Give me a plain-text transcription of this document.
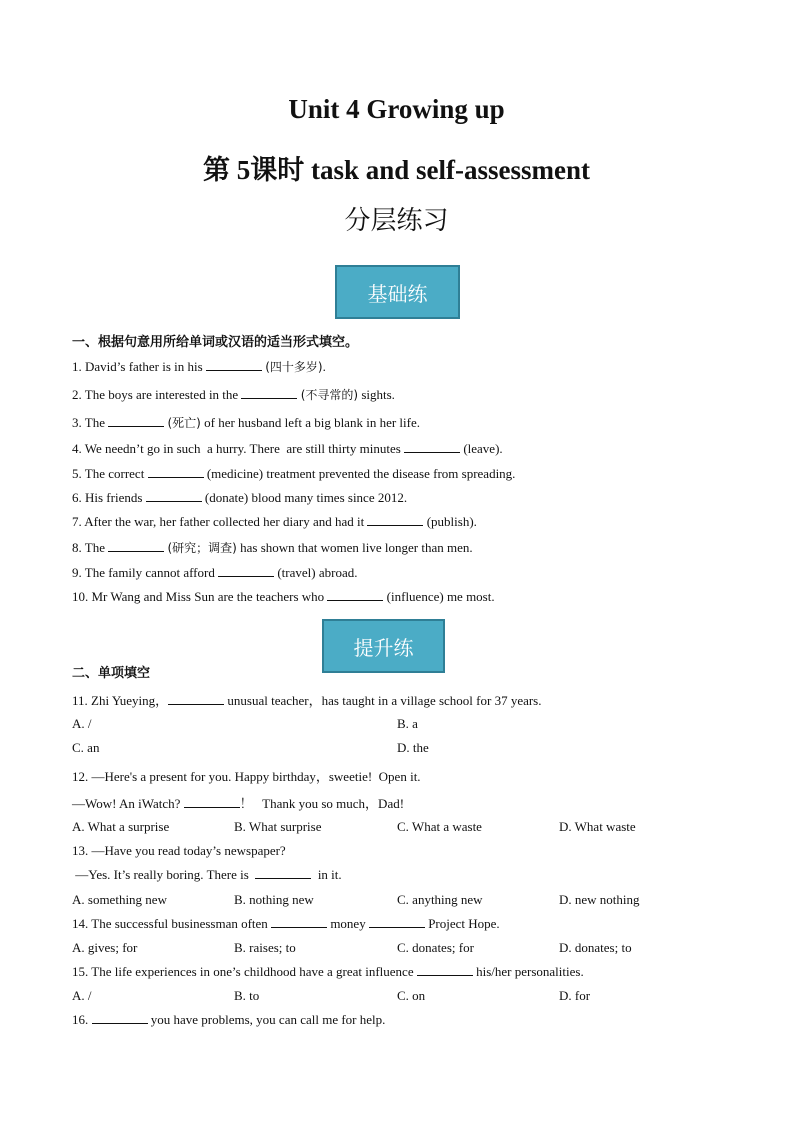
Unit 4 Growing up
第 5课时 task and self-assessment
分层练习
基础练
一、根据句意用所给单词或汉语的适当形式填空。
1. David’s father is in his	(四十多岁).
2. The boys are interested in the	(不寻常的) sights.
3. The	(死亡) of her husband left a big blank in her life.
4. We needn’t go in such  a hurry. There  are still thirty minutes	(leave).
5. The correct	(medicine) treatment prevented the disease from spreading.
6. His friends	(donate) blood many times since 2012.
7. After the war, her father collected her diary and had it	(publish).
8. The	(研究；调查) has shown that women live longer than men.
9. The family cannot afford	(travel) abroad.
10. Mr Wang and Miss Sun are the teachers who	(influence) me most.
提升练
二、单项填空
11. Zhi Yueying，	unusual teacher，has taught in a village school for 37 years.
A. /	B. a
C. an	D. the
12. —Here's a present for you. Happy birthday，sweetie!  Open it.
—Wow! An iWatch?	！   Thank you so much，Dad!
A. What a surprise	B. What surprise	C. What a waste	D. What waste
13. —Have you read today’s newspaper?
—Yes. It’s really boring. There is	in it.
A. something new	B. nothing new	C. anything new	D. new nothing
14. The successful businessman often	money	Project Hope.
A. gives; for	B. raises; to	C. donates; for	D. donates; to
15. The life experiences in one’s childhood have a great influence	his/her personalities.
A. /	B. to	C. on	D. for
16.	you have problems, you can call me for help.
